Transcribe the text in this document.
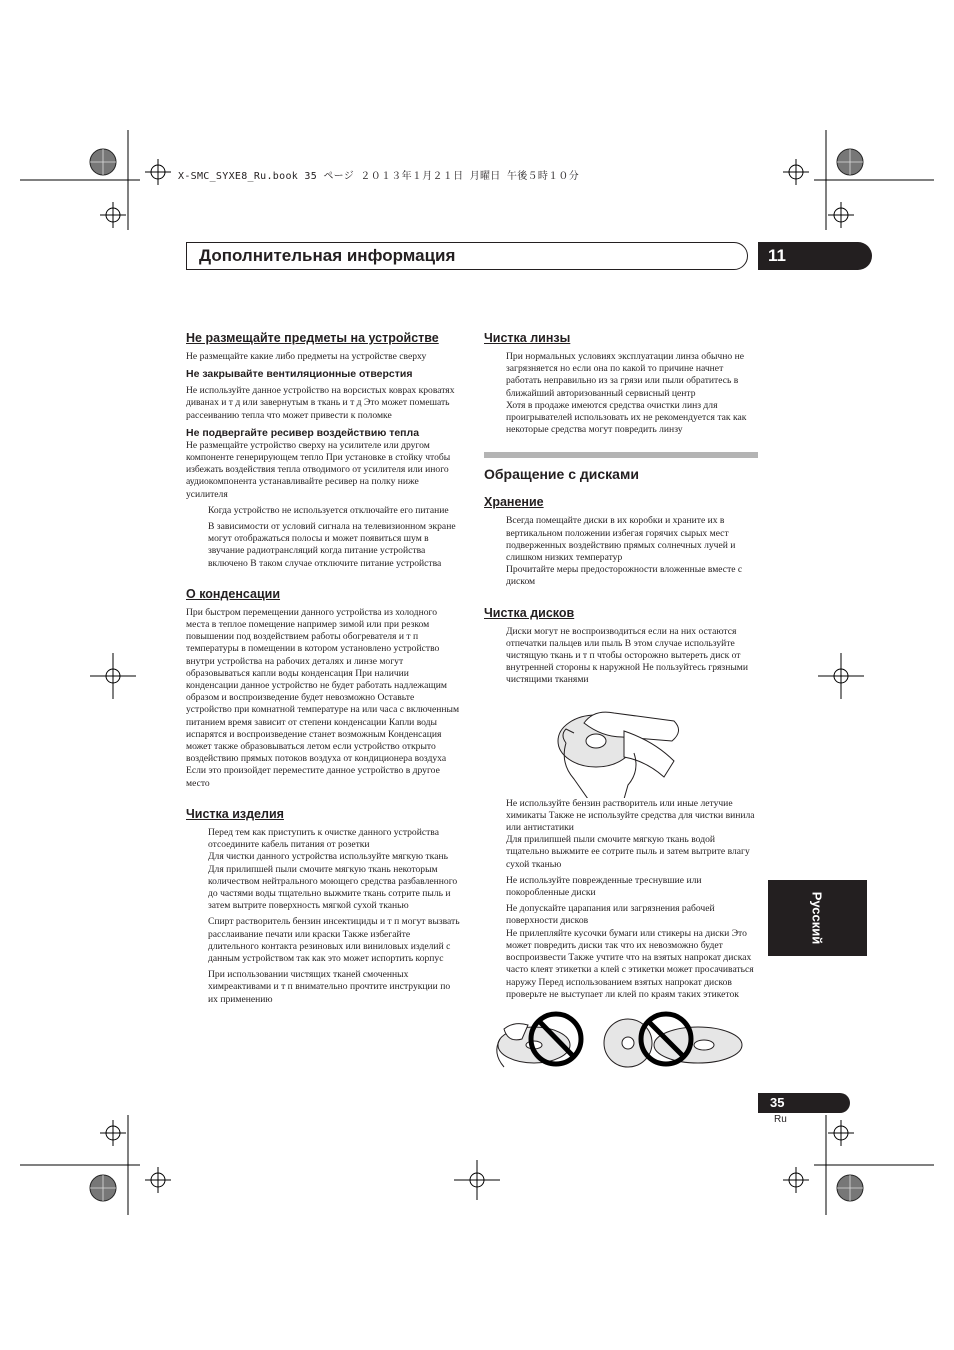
X-SMC_SYXE8_Ru.book 35 ページ ２０１３年１月２１日 月曜日 午後５時１０分
Дополнительная информация	11
Не размещайте предметы на устройстве

Не размещайте какие либо предметы на устройстве сверху

Не закрывайте вентиляционные отверстия

Не используйте данное устройство на ворсистых коврах кроватях диванах и т д или завернутым в ткань и т д Это может помешать рассеиванию тепла что может привести к поломке

Не подвергайте ресивер воздействию тепла

Не размещайте устройство сверху на усилителе или другом компоненте генерирующем тепло При установке в стойку чтобы избежать воздействия тепла отводимого от усилителя или иного аудиокомпонента устанавливайте ресивер на полку ниже усилителя

Когда устройство не используется отключайте его питание

В зависимости от условий сигнала на телевизионном экране могут отображаться полосы и может появиться шум в звучание радиотрансляций когда питание устройства включено В таком случае отключите питание устройства

О конденсации

При быстром перемещении данного устройства из холодного места в теплое помещение например зимой или при резком повышении под воздействием работы обогревателя и т п температуры в помещении в котором установлено устройство внутри устройства на рабочих деталях и линзе могут образовываться капли воды конденсация При наличии конденсации данное устройство не будет работать надлежащим образом и воспроизведение будет невозможно Оставьте устройство при комнатной температуре на или часа с включенным питанием время зависит от степени конденсации Капли воды испарятся и воспроизведение станет возможным Конденсация может также образовываться летом если устройство открыто воздействию прямых потоков воздуха от кондиционера воздуха Если это произойдет переместите данное устройство в другое место

Чистка изделия

Перед тем как приступить к очистке данного устройства отсоедините кабель питания от розетки

Для чистки данного устройства используйте мягкую ткань Для прилипшей пыли смочите мягкую ткань некоторым количеством нейтрального моющего средства разбавленного до частями воды тщательно выжмите ткань сотрите пыль и затем вытрите поверхность мягкой сухой тканью

Спирт растворитель бензин инсектициды и т п могут вызвать расслаивание печати или краски Также избегайте длительного контакта резиновых или виниловых изделий с данным устройством так как это может испортить корпус

При использовании чистящих тканей смоченных химреактивами и т п внимательно прочтите инструкции по их применению

Чистка линзы

При нормальных условиях эксплуатации линза обычно не загрязняется но если она по какой то причине начнет работать неправильно из за грязи или пыли обратитесь в ближайший авторизованный сервисный центр

Хотя в продаже имеются средства очистки линз для проигрывателей использовать их не рекомендуется так как некоторые средства могут повредить линзу

Обращение с дисками
Хранение

Всегда помещайте диски в их коробки и храните их в вертикальном положении избегая горячих сырых мест подверженных воздействию прямых солнечных лучей и слишком низких температур

Прочитайте меры предосторожности вложенные вместе с диском

Чистка дисков

Диски могут не воспроизводиться если на них остаются отпечатки пальцев или пыль В этом случае используйте чистящую ткань и т п чтобы осторожно вытереть диск от внутренней стороны к наружной Не пользуйтесь грязными чистящими тканями

Не используйте бензин растворитель или иные летучие химикаты Также не используйте средства для чистки винила или антистатики

Для прилипшей пыли смочите мягкую ткань водой тщательно выжмите ее сотрите пыль и затем вытрите влагу сухой тканью

Не используйте поврежденные треснувшие или покоробленные диски

Не допускайте царапания или загрязнения рабочей поверхности дисков

Не прилепляйте кусочки бумаги или стикеры на диски Это может повредить диски так что их невозможно будет воспроизвести Также учтите что на взятых напрокат дисках часто клеят этикетки а клей с этикетки может просачиваться наружу Перед использованием взятых напрокат дисков проверьте не выступает ли клей по краям таких этикеток

Русский
35
Ru
